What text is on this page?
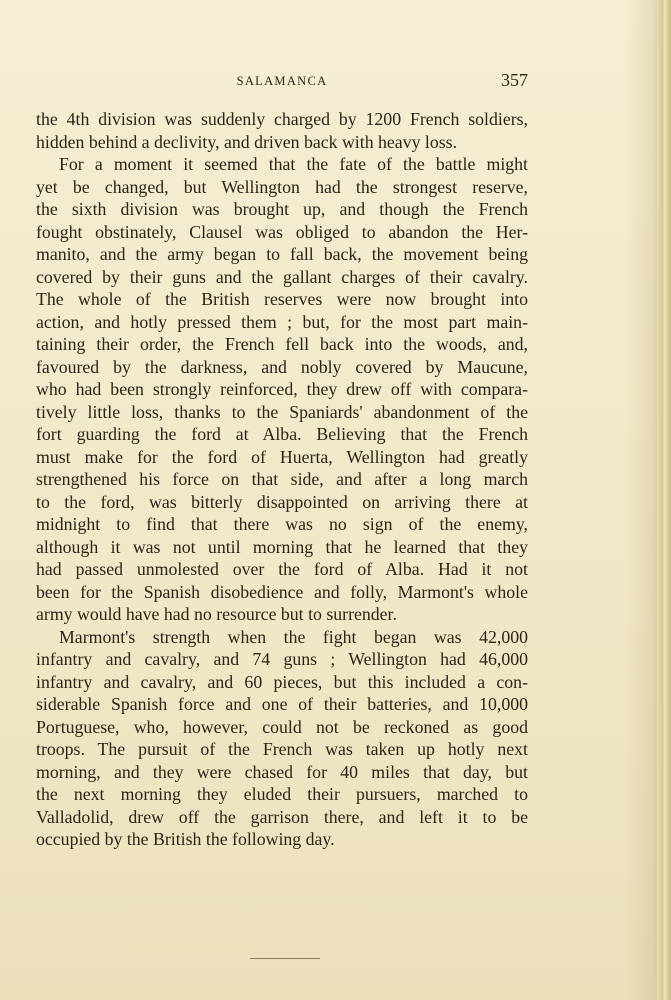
SALAMANCA	357
the 4th division was suddenly charged by 1200 French soldiers,
hidden behind a declivity, and driven back with heavy loss.
For a moment it seemed that the fate of the battle might
yet be changed, but Wellington had the strongest reserve,
the sixth division was brought up, and though the French
fought obstinately, Clausel was obliged to abandon the Her-
manito, and the army began to fall back, the movement being
covered by their guns and the gallant charges of their cavalry.
The whole of the British reserves were now brought into
action, and hotly pressed them ; but, for the most part main-
taining their order, the French fell back into the woods, and,
favoured by the darkness, and nobly covered by Maucune,
who had been strongly reinforced, they drew off with compara-
tively little loss, thanks to the Spaniards' abandonment of the
fort guarding the ford at Alba. Believing that the French
must make for the ford of Huerta, Wellington had greatly
strengthened his force on that side, and after a long march
to the ford, was bitterly disappointed on arriving there at
midnight to find that there was no sign of the enemy,
although it was not until morning that he learned that they
had passed unmolested over the ford of Alba. Had it not
been for the Spanish disobedience and folly, Marmont's whole
army would have had no resource but to surrender.
Marmont's strength when the fight began was 42,000
infantry and cavalry, and 74 guns ; Wellington had 46,000
infantry and cavalry, and 60 pieces, but this included a con-
siderable Spanish force and one of their batteries, and 10,000
Portuguese, who, however, could not be reckoned as good
troops. The pursuit of the French was taken up hotly next
morning, and they were chased for 40 miles that day, but
the next morning they eluded their pursuers, marched to
Valladolid, drew off the garrison there, and left it to be
occupied by the British the following day.
